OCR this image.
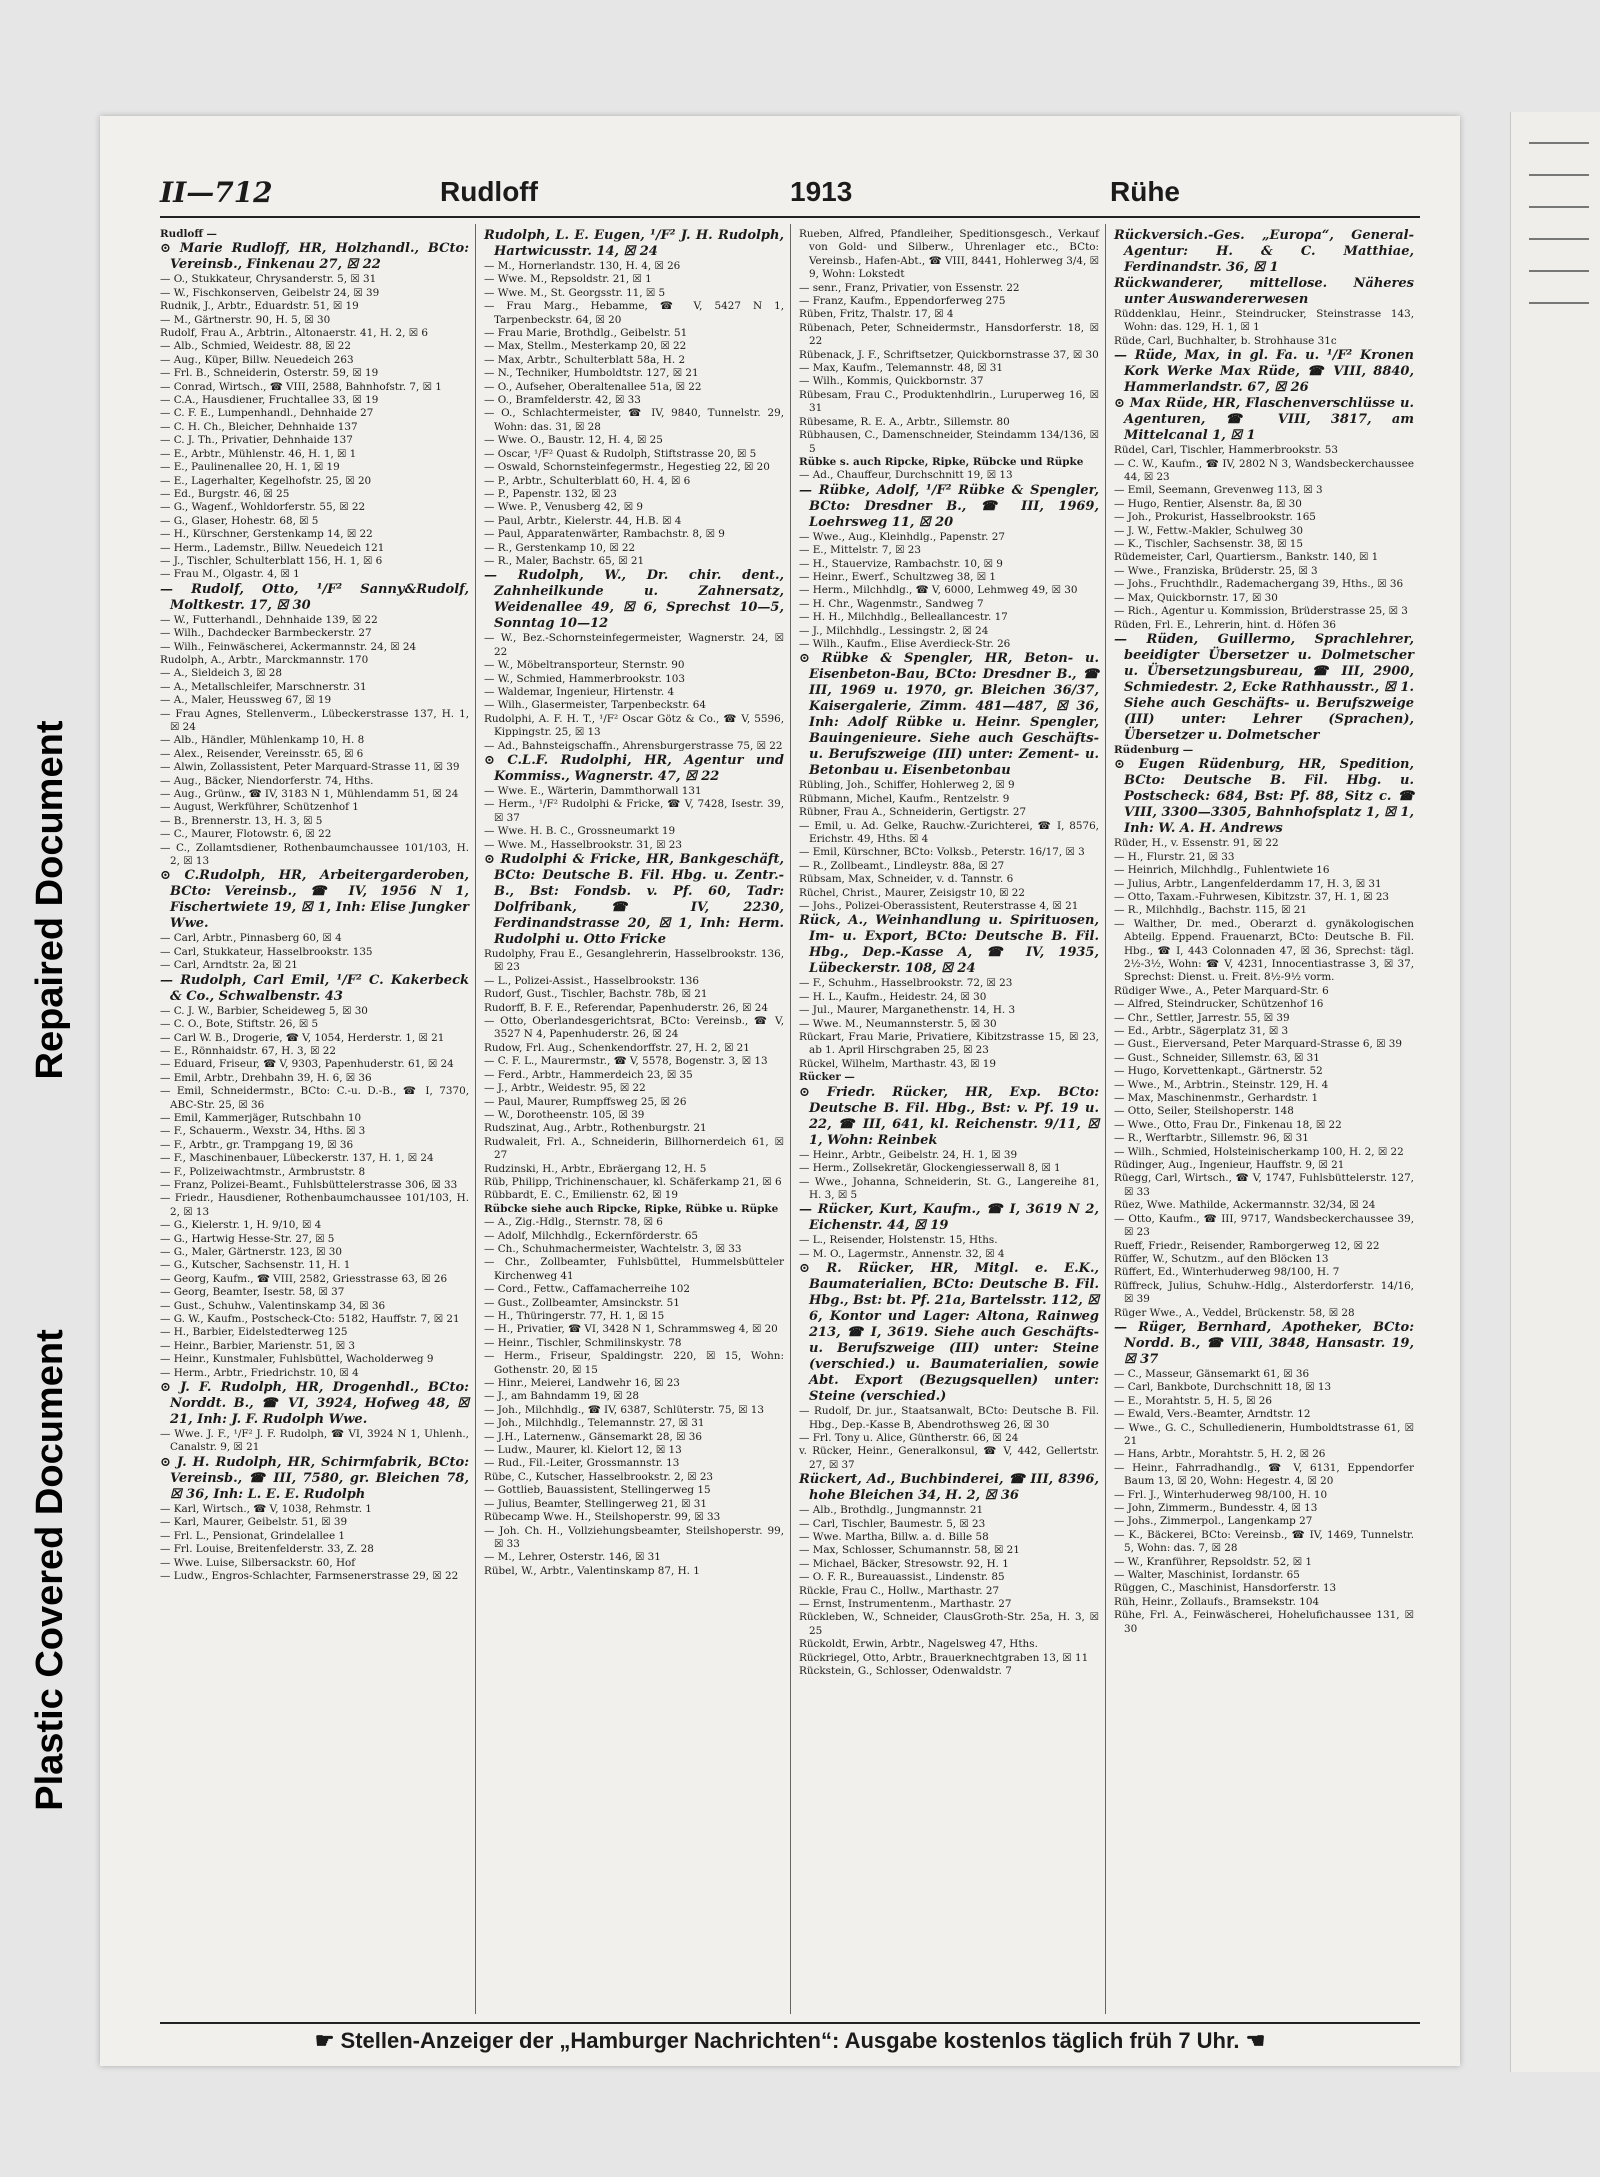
Plastic Covered Document
Repaired Document
II—712	Rudloff	1913	Rühe

Rudloff —

⊙ Marie Rudloff, HR, Holzhandl., BCto: Vereinsb., Finkenau 27, ☒ 22

— O., Stukkateur, Chrysanderstr. 5, ☒ 31

— W., Fischkonserven, Geibelstr 24, ☒ 39

Rudnik, J., Arbtr., Eduardstr. 51, ☒ 19

— M., Gärtnerstr. 90, H. 5, ☒ 30

Rudolf, Frau A., Arbtrin., Altonaerstr. 41, H. 2, ☒ 6

— Alb., Schmied, Weidestr. 88, ☒ 22

— Aug., Küper, Billw. Neuedeich 263

— Frl. B., Schneiderin, Osterstr. 59, ☒ 19

— Conrad, Wirtsch., ☎ VIII, 2588, Bahnhofstr. 7, ☒ 1

— C.A., Hausdiener, Fruchtallee 33, ☒ 19

— C. F. E., Lumpenhandl., Dehnhaide 27

— C. H. Ch., Bleicher, Dehnhaide 137

— C. J. Th., Privatier, Dehnhaide 137

— E., Arbtr., Mühlenstr. 46, H. 1, ☒ 1

— E., Paulinenallee 20, H. 1, ☒ 19

— E., Lagerhalter, Kegelhofstr. 25, ☒ 20

— Ed., Burgstr. 46, ☒ 25

— G., Wagenf., Wohldorferstr. 55, ☒ 22

— G., Glaser, Hohestr. 68, ☒ 5

— H., Kürschner, Gerstenkamp 14, ☒ 22

— Herm., Lademstr., Billw. Neuedeich 121

— J., Tischler, Schulterblatt 156, H. 1, ☒ 6

— Frau M., Olgastr. 4, ☒ 1

— Rudolf, Otto, ¹/F² Sanny&Rudolf, Moltkestr. 17, ☒ 30

— W., Futterhandl., Dehnhaide 139, ☒ 22

— Wilh., Dachdecker Barmbeckerstr. 27

— Wilh., Feinwäscherei, Ackermannstr. 24, ☒ 24

Rudolph, A., Arbtr., Marckmannstr. 170

— A., Sieldeich 3, ☒ 28

— A., Metallschleifer, Marschnerstr. 31

— A., Maler, Heussweg 67, ☒ 19

— Frau Agnes, Stellenverm., Lübeckerstrasse 137, H. 1, ☒ 24

— Alb., Händler, Mühlenkamp 10, H. 8

— Alex., Reisender, Vereinsstr. 65, ☒ 6

— Alwin, Zollassistent, Peter Marquard-Strasse 11, ☒ 39

— Aug., Bäcker, Niendorferstr. 74, Hths.

— Aug., Grünw., ☎ IV, 3183 N 1, Mühlendamm 51, ☒ 24

— August, Werkführer, Schützenhof 1

— B., Brennerstr. 13, H. 3, ☒ 5

— C., Maurer, Flotowstr. 6, ☒ 22

— C., Zollamtsdiener, Rothenbaumchaussee 101/103, H. 2, ☒ 13

⊙ C.Rudolph, HR, Arbeitergarderoben, BCto: Vereinsb., ☎ IV, 1956 N 1, Fischertwiete 19, ☒ 1, Inh: Elise Jungker Wwe.

— Carl, Arbtr., Pinnasberg 60, ☒ 4

— Carl, Stukkateur, Hasselbrookstr. 135

— Carl, Arndtstr. 2a, ☒ 21

— Rudolph, Carl Emil, ¹/F² C. Kakerbeck & Co., Schwalbenstr. 43

— C. J. W., Barbier, Scheideweg 5, ☒ 30

— C. O., Bote, Stiftstr. 26, ☒ 5

— Carl W. B., Drogerie, ☎ V, 1054, Herderstr. 1, ☒ 21

— E., Rönnhaidstr. 67, H. 3, ☒ 22

— Eduard, Friseur, ☎ V, 9303, Papenhuderstr. 61, ☒ 24

— Emil, Arbtr., Drehbahn 39, H. 6, ☒ 36

— Emil, Schneidermstr., BCto: C.-u. D.-B., ☎ I, 7370, ABC-Str. 25, ☒ 36

— Emil, Kammerjäger, Rutschbahn 10

— F., Schauerm., Wexstr. 34, Hths. ☒ 3

— F., Arbtr., gr. Trampgang 19, ☒ 36

— F., Maschinenbauer, Lübeckerstr. 137, H. 1, ☒ 24

— F., Polizeiwachtmstr., Armbruststr. 8

— Franz, Polizei-Beamt., Fuhlsbüttelerstrasse 306, ☒ 33

— Friedr., Hausdiener, Rothenbaumchaussee 101/103, H. 2, ☒ 13

— G., Kielerstr. 1, H. 9/10, ☒ 4

— G., Hartwig Hesse-Str. 27, ☒ 5

— G., Maler, Gärtnerstr. 123, ☒ 30

— G., Kutscher, Sachsenstr. 11, H. 1

— Georg, Kaufm., ☎ VIII, 2582, Griesstrasse 63, ☒ 26

— Georg, Beamter, Isestr. 58, ☒ 37

— Gust., Schuhw., Valentinskamp 34, ☒ 36

— G. W., Kaufm., Postscheck-Cto: 5182, Hauffstr. 7, ☒ 21

— H., Barbier, Eidelstedterweg 125

— Heinr., Barbier, Marienstr. 51, ☒ 3

— Heinr., Kunstmaler, Fuhlsbüttel, Wacholderweg 9

— Herm., Arbtr., Friedrichstr. 10, ☒ 4

⊙ J. F. Rudolph, HR, Drogenhdl., BCto: Norddt. B., ☎ VI, 3924, Hofweg 48, ☒ 21, Inh: J. F. Rudolph Wwe.

— Wwe. J. F., ¹/F² J. F. Rudolph, ☎ VI, 3924 N 1, Uhlenh., Canalstr. 9, ☒ 21

⊙ J. H. Rudolph, HR, Schirmfabrik, BCto: Vereinsb., ☎ III, 7580, gr. Bleichen 78, ☒ 36, Inh: L. E. E. Rudolph

— Karl, Wirtsch., ☎ V, 1038, Rehmstr. 1

— Karl, Maurer, Geibelstr. 51, ☒ 39

— Frl. L., Pensionat, Grindelallee 1

— Frl. Louise, Breitenfelderstr. 33, Z. 28

— Wwe. Luise, Silbersackstr. 60, Hof

— Ludw., Engros-Schlachter, Farmsenerstrasse 29, ☒ 22

Rudolph, L. E. Eugen, ¹/F² J. H. Rudolph, Hartwicusstr. 14, ☒ 24

— M., Hornerlandstr. 130, H. 4, ☒ 26

— Wwe. M., Repsoldstr. 21, ☒ 1

— Wwe. M., St. Georgsstr. 11, ☒ 5

— Frau Marg., Hebamme, ☎ V, 5427 N 1, Tarpenbeckstr. 64, ☒ 20

— Frau Marie, Brothdlg., Geibelstr. 51

— Max, Stellm., Mesterkamp 20, ☒ 22

— Max, Arbtr., Schulterblatt 58a, H. 2

— N., Techniker, Humboldtstr. 127, ☒ 21

— O., Aufseher, Oberaltenallee 51a, ☒ 22

— O., Bramfelderstr. 42, ☒ 33

— O., Schlachtermeister, ☎ IV, 9840, Tunnelstr. 29, Wohn: das. 31, ☒ 28

— Wwe. O., Baustr. 12, H. 4, ☒ 25

— Oscar, ¹/F² Quast & Rudolph, Stiftstrasse 20, ☒ 5

— Oswald, Schornsteinfegermstr., Hegestieg 22, ☒ 20

— P., Arbtr., Schulterblatt 60, H. 4, ☒ 6

— P., Papenstr. 132, ☒ 23

— Wwe. P., Venusberg 42, ☒ 9

— Paul, Arbtr., Kielerstr. 44, H.B. ☒ 4

— Paul, Apparatenwärter, Rambachstr. 8, ☒ 9

— R., Gerstenkamp 10, ☒ 22

— R., Maler, Bachstr. 65, ☒ 21

— Rudolph, W., Dr. chir. dent., Zahnheilkunde u. Zahnersatz, Weidenallee 49, ☒ 6, Sprechst 10—5, Sonntag 10—12

— W., Bez.-Schornsteinfegermeister, Wagnerstr. 24, ☒ 22

— W., Möbeltransporteur, Sternstr. 90

— W., Schmied, Hammerbrookstr. 103

— Waldemar, Ingenieur, Hirtenstr. 4

— Wilh., Glasermeister, Tarpenbeckstr. 64

Rudolphi, A. F. H. T., ¹/F² Oscar Götz & Co., ☎ V, 5596, Kippingstr. 25, ☒ 13

— Ad., Bahnsteigschaffn., Ahrensburgerstrasse 75, ☒ 22

⊙ C.L.F. Rudolphi, HR, Agentur und Kommiss., Wagnerstr. 47, ☒ 22

— Wwe. E., Wärterin, Dammthorwall 131

— Herm., ¹/F² Rudolphi & Fricke, ☎ V, 7428, Isestr. 39, ☒ 37

— Wwe. H. B. C., Grossneumarkt 19

— Wwe. M., Hasselbrookstr. 31, ☒ 23

⊙ Rudolphi & Fricke, HR, Bankgeschäft, BCto: Deutsche B. Fil. Hbg. u. Zentr.-B., Bst: Fondsb. v. Pf. 60, Tadr: Dolfribank, ☎ IV, 2230, Ferdinandstrasse 20, ☒ 1, Inh: Herm. Rudolphi u. Otto Fricke

Rudolphy, Frau E., Gesanglehrerin, Hasselbrookstr. 136, ☒ 23

— L., Polizei-Assist., Hasselbrookstr. 136

Rudorf, Gust., Tischler, Bachstr. 78b, ☒ 21

Rudorff, B. F. E., Referendar, Papenhuderstr. 26, ☒ 24

— Otto, Oberlandesgerichtsrat, BCto: Vereinsb., ☎ V, 3527 N 4, Papenhuderstr. 26, ☒ 24

Rudow, Frl. Aug., Schenkendorffstr. 27, H. 2, ☒ 21

— C. F. L., Maurermstr., ☎ V, 5578, Bogenstr. 3, ☒ 13

— Ferd., Arbtr., Hammerdeich 23, ☒ 35

— J., Arbtr., Weidestr. 95, ☒ 22

— Paul, Maurer, Rumpffsweg 25, ☒ 26

— W., Dorotheenstr. 105, ☒ 39

Rudszinat, Aug., Arbtr., Rothenburgstr. 21

Rudwaleit, Frl. A., Schneiderin, Billhornerdeich 61, ☒ 27

Rudzinski, H., Arbtr., Ebräergang 12, H. 5

Rüb, Philipp, Trichinenschauer, kl. Schäferkamp 21, ☒ 6

Rübbardt, E. C., Emilienstr. 62, ☒ 19

Rübcke siehe auch Ripcke, Ripke, Rübke u. Rüpke

— A., Zig.-Hdlg., Sternstr. 78, ☒ 6

— Adolf, Milchhdlg., Eckernförderstr. 65

— Ch., Schuhmachermeister, Wachtelstr. 3, ☒ 33

— Chr., Zollbeamter, Fuhlsbüttel, Hummelsbütteler Kirchenweg 41

— Cord., Fettw., Caffamacherreihe 102

— Gust., Zollbeamter, Amsinckstr. 51

— H., Thüringerstr. 77, H. 1, ☒ 15

— H., Privatier, ☎ VI, 3428 N 1, Schrammsweg 4, ☒ 20

— Heinr., Tischler, Schmilinskystr. 78

— Herm., Friseur, Spaldingstr. 220, ☒ 15, Wohn: Gothenstr. 20, ☒ 15

— Hinr., Meierei, Landwehr 16, ☒ 23

— J., am Bahndamm 19, ☒ 28

— Joh., Milchhdlg., ☎ IV, 6387, Schlüterstr. 75, ☒ 13

— Joh., Milchhdlg., Telemannstr. 27, ☒ 31

— J.H., Laternenw., Gänsemarkt 28, ☒ 36

— Ludw., Maurer, kl. Kielort 12, ☒ 13

— Rud., Fil.-Leiter, Grossmannstr. 13

Rübe, C., Kutscher, Hasselbrookstr. 2, ☒ 23

— Gottlieb, Bauassistent, Stellingerweg 15

— Julius, Beamter, Stellingerweg 21, ☒ 31

Rübecamp Wwe. H., Steilshoperstr. 99, ☒ 33

— Joh. Ch. H., Vollziehungsbeamter, Steilshoperstr. 99, ☒ 33

— M., Lehrer, Osterstr. 146, ☒ 31

Rübel, W., Arbtr., Valentinskamp 87, H. 1

Rueben, Alfred, Pfandleiher, Speditionsgesch., Verkauf von Gold- und Silberw., Uhrenlager etc., BCto: Vereinsb., Hafen-Abt., ☎ VIII, 8441, Hohlerweg 3/4, ☒ 9, Wohn: Lokstedt

— senr., Franz, Privatier, von Essenstr. 22

— Franz, Kaufm., Eppendorferweg 275

Rüben, Fritz, Thalstr. 17, ☒ 4

Rübenach, Peter, Schneidermstr., Hansdorferstr. 18, ☒ 22

Rübenack, J. F., Schriftsetzer, Quickbornstrasse 37, ☒ 30

— Max, Kaufm., Telemannstr. 48, ☒ 31

— Wilh., Kommis, Quickbornstr. 37

Rübesam, Frau C., Produktenhdlrin., Luruperweg 16, ☒ 31

Rübesame, R. E. A., Arbtr., Sillemstr. 80

Rübhausen, C., Damenschneider, Steindamm 134/136, ☒ 5

Rübke s. auch Ripcke, Ripke, Rübcke und Rüpke

— Ad., Chauffeur, Durchschnitt 19, ☒ 13

— Rübke, Adolf, ¹/F² Rübke & Spengler, BCto: Dresdner B., ☎ III, 1969, Loehrsweg 11, ☒ 20

— Wwe., Aug., Kleinhdlg., Papenstr. 27

— E., Mittelstr. 7, ☒ 23

— H., Stauervize, Rambachstr. 10, ☒ 9

— Heinr., Ewerf., Schultzweg 38, ☒ 1

— Herm., Milchhdlg., ☎ V, 6000, Lehmweg 49, ☒ 30

— H. Chr., Wagenmstr., Sandweg 7

— H. H., Milchhdlg., Belleallancestr. 17

— J., Milchhdlg., Lessingstr. 2, ☒ 24

— Wilh., Kaufm., Elise Averdieck-Str. 26

⊙ Rübke & Spengler, HR, Beton- u. Eisenbeton-Bau, BCto: Dresdner B., ☎ III, 1969 u. 1970, gr. Bleichen 36/37, Kaisergalerie, Zimm. 481—487, ☒ 36, Inh: Adolf Rübke u. Heinr. Spengler, Bauingenieure. Siehe auch Geschäfts- u. Berufszweige (III) unter: Zement- u. Betonbau u. Eisenbetonbau

Rübling, Joh., Schiffer, Hohlerweg 2, ☒ 9

Rübmann, Michel, Kaufm., Rentzelstr. 9

Rübner, Frau A., Schneiderin, Gertigstr. 27

— Emil, u. Ad. Gelke, Rauchw.-Zurichterei, ☎ I, 8576, Erichstr. 49, Hths. ☒ 4

— Emil, Kürschner, BCto: Volksb., Peterstr. 16/17, ☒ 3

— R., Zollbeamt., Lindleystr. 88a, ☒ 27

Rübsam, Max, Schneider, v. d. Tannstr. 6

Rüchel, Christ., Maurer, Zeisigstr 10, ☒ 22

— Johs., Polizei-Oberassistent, Reuterstrasse 4, ☒ 21

Rück, A., Weinhandlung u. Spirituosen, Im- u. Export, BCto: Deutsche B. Fil. Hbg., Dep.-Kasse A, ☎ IV, 1935, Lübeckerstr. 108, ☒ 24

— F., Schuhm., Hasselbrookstr. 72, ☒ 23

— H. L., Kaufm., Heidestr. 24, ☒ 30

— Jul., Maurer, Marganethenstr. 14, H. 3

— Wwe. M., Neumannsterstr. 5, ☒ 30

Rückart, Frau Marie, Privatiere, Kibitzstrasse 15, ☒ 23, ab 1. April Hirschgraben 25, ☒ 23

Rückel, Wilhelm, Marthastr. 43, ☒ 19

Rücker —

⊙ Friedr. Rücker, HR, Exp. BCto: Deutsche B. Fil. Hbg., Bst: v. Pf. 19 u. 22, ☎ III, 641, kl. Reichenstr. 9/11, ☒ 1, Wohn: Reinbek

— Heinr., Arbtr., Geibelstr. 24, H. 1, ☒ 39

— Herm., Zollsekretär, Glockengiesserwall 8, ☒ 1

— Wwe., Johanna, Schneiderin, St. G., Langereihe 81, H. 3, ☒ 5

— Rücker, Kurt, Kaufm., ☎ I, 3619 N 2, Eichenstr. 44, ☒ 19

— L., Reisender, Holstenstr. 15, Hths.

— M. O., Lagermstr., Annenstr. 32, ☒ 4

⊙ R. Rücker, HR, Mitgl. e. E.K., Baumaterialien, BCto: Deutsche B. Fil. Hbg., Bst: bt. Pf. 21a, Bartelsstr. 112, ☒ 6, Kontor und Lager: Altona, Rainweg 213, ☎ I, 3619. Siehe auch Geschäfts- u. Berufszweige (III) unter: Steine (verschied.) u. Baumaterialien, sowie Abt. Export (Bezugsquellen) unter: Steine (verschied.)

— Rudolf, Dr. jur., Staatsanwalt, BCto: Deutsche B. Fil. Hbg., Dep.-Kasse B, Abendrothsweg 26, ☒ 30

— Frl. Tony u. Alice, Güntherstr. 66, ☒ 24

v. Rücker, Heinr., Generalkonsul, ☎ V, 442, Gellertstr. 27, ☒ 37

Rückert, Ad., Buchbinderei, ☎ III, 8396, hohe Bleichen 34, H. 2, ☒ 36

— Alb., Brothdlg., Jungmannstr. 21

— Carl, Tischler, Baumestr. 5, ☒ 23

— Wwe. Martha, Billw. a. d. Bille 58

— Max, Schlosser, Schumannstr. 58, ☒ 21

— Michael, Bäcker, Stresowstr. 92, H. 1

— O. F. R., Bureauassist., Lindenstr. 85

Rückle, Frau C., Hollw., Marthastr. 27

— Ernst, Instrumentenm., Marthastr. 27

Rückleben, W., Schneider, ClausGroth-Str. 25a, H. 3, ☒ 25

Rückoldt, Erwin, Arbtr., Nagelsweg 47, Hths.

Rückriegel, Otto, Arbtr., Brauerknechtgraben 13, ☒ 11

Rückstein, G., Schlosser, Odenwaldstr. 7

Rückversich.-Ges. „Europa“, General-Agentur: H. & C. Matthiae, Ferdinandstr. 36, ☒ 1

Rückwanderer, mittellose. Näheres unter Auswandererwesen

Rüddenklau, Heinr., Steindrucker, Steinstrasse 143, Wohn: das. 129, H. 1, ☒ 1

Rüde, Carl, Buchhalter, b. Strohhause 31c

— Rüde, Max, in gl. Fa. u. ¹/F² Kronen Kork Werke Max Rüde, ☎ VIII, 8840, Hammerlandstr. 67, ☒ 26

⊙ Max Rüde, HR, Flaschenverschlüsse u. Agenturen, ☎ VIII, 3817, am Mittelcanal 1, ☒ 1

Rüdel, Carl, Tischler, Hammerbrookstr. 53

— C. W., Kaufm., ☎ IV, 2802 N 3, Wandsbeckerchaussee 44, ☒ 23

— Emil, Seemann, Grevenweg 113, ☒ 3

— Hugo, Rentier, Alsenstr. 8a, ☒ 30

— Joh., Prokurist, Hasselbrookstr. 165

— J. W., Fettw.-Makler, Schulweg 30

— K., Tischler, Sachsenstr. 38, ☒ 15

Rüdemeister, Carl, Quartiersm., Bankstr. 140, ☒ 1

— Wwe., Franziska, Brüderstr. 25, ☒ 3

— Johs., Fruchthdlr., Rademachergang 39, Hths., ☒ 36

— Max, Quickbornstr. 17, ☒ 30

— Rich., Agentur u. Kommission, Brüderstrasse 25, ☒ 3

Rüden, Frl. E., Lehrerin, hint. d. Höfen 36

— Rüden, Guillermo, Sprachlehrer, beeidigter Übersetzer u. Dolmetscher u. Übersetzungsbureau, ☎ III, 2900, Schmiedestr. 2, Ecke Rathhausstr., ☒ 1. Siehe auch Geschäfts- u. Berufszweige (III) unter: Lehrer (Sprachen), Übersetzer u. Dolmetscher

Rüdenburg —

⊙ Eugen Rüdenburg, HR, Spedition, BCto: Deutsche B. Fil. Hbg. u. Postscheck: 684, Bst: Pf. 88, Sitz c. ☎ VIII, 3300—3305, Bahnhofsplatz 1, ☒ 1, Inh: W. A. H. Andrews

Rüder, H., v. Essenstr. 91, ☒ 22

— H., Flurstr. 21, ☒ 33

— Heinrich, Milchhdlg., Fuhlentwiete 16

— Julius, Arbtr., Langenfelderdamm 17, H. 3, ☒ 31

— Otto, Taxam.-Fuhrwesen, Kibitzstr. 37, H. 1, ☒ 23

— R., Milchhdlg., Bachstr. 115, ☒ 21

— Walther, Dr. med., Oberarzt d. gynäkologischen Abteilg. Eppend. Frauenarzt, BCto: Deutsche B. Fil. Hbg., ☎ I, 443 Colonnaden 47, ☒ 36, Sprechst: tägl. 2½-3½, Wohn: ☎ V, 4231, Innocentiastrasse 3, ☒ 37, Sprechst: Dienst. u. Freit. 8½-9½ vorm.

Rüdiger Wwe., A., Peter Marquard-Str. 6

— Alfred, Steindrucker, Schützenhof 16

— Chr., Settler, Jarrestr. 55, ☒ 39

— Ed., Arbtr., Sägerplatz 31, ☒ 3

— Gust., Eierversand, Peter Marquard-Strasse 6, ☒ 39

— Gust., Schneider, Sillemstr. 63, ☒ 31

— Hugo, Korvettenkapt., Gärtnerstr. 52

— Wwe., M., Arbtrin., Steinstr. 129, H. 4

— Max, Maschinenmstr., Gerhardstr. 1

— Otto, Seiler, Steilshoperstr. 148

— Wwe., Otto, Frau Dr., Finkenau 18, ☒ 22

— R., Werftarbtr., Sillemstr. 96, ☒ 31

— Wilh., Schmied, Holsteinischerkamp 100, H. 2, ☒ 22

Rüdinger, Aug., Ingenieur, Hauffstr. 9, ☒ 21

Rüegg, Carl, Wirtsch., ☎ V, 1747, Fuhlsbüttelerstr. 127, ☒ 33

Rüez, Wwe. Mathilde, Ackermannstr. 32/34, ☒ 24

— Otto, Kaufm., ☎ III, 9717, Wandsbeckerchaussee 39, ☒ 23

Rueff, Friedr., Reisender, Ramborgerweg 12, ☒ 22

Rüffer, W., Schutzm., auf den Blöcken 13

Rüffert, Ed., Winterhuderweg 98/100, H. 7

Rüffreck, Julius, Schuhw.-Hdlg., Alsterdorferstr. 14/16, ☒ 39

Rüger Wwe., A., Veddel, Brückenstr. 58, ☒ 28

— Rüger, Bernhard, Apotheker, BCto: Nordd. B., ☎ VIII, 3848, Hansastr. 19, ☒ 37

— C., Masseur, Gänsemarkt 61, ☒ 36

— Carl, Bankbote, Durchschnitt 18, ☒ 13

— E., Morahtstr. 5, H. 5, ☒ 26

— Ewald, Vers.-Beamter, Arndtstr. 12

— Wwe., G. C., Schulledienerin, Humboldtstrasse 61, ☒ 21

— Hans, Arbtr., Morahtstr. 5, H. 2, ☒ 26

— Heinr., Fahrradhandlg., ☎ V, 6131, Eppendorfer Baum 13, ☒ 20, Wohn: Hegestr. 4, ☒ 20

— Frl. J., Winterhuderweg 98/100, H. 10

— John, Zimmerm., Bundesstr. 4, ☒ 13

— Johs., Zimmerpol., Langenkamp 27

— K., Bäckerei, BCto: Vereinsb., ☎ IV, 1469, Tunnelstr. 5, Wohn: das. 7, ☒ 28

— W., Kranführer, Repsoldstr. 52, ☒ 1

— Walter, Maschinist, Iordanstr. 65

Rüggen, C., Maschinist, Hansdorferstr. 13

Rüh, Heinr., Zollaufs., Bramsekstr. 104

Rühe, Frl. A., Feinwäscherei, Hohelufichaussee 131, ☒ 30

☛ Stellen-Anzeiger der „Hamburger Nachrichten“: Ausgabe kostenlos täglich früh 7 Uhr. ☚
